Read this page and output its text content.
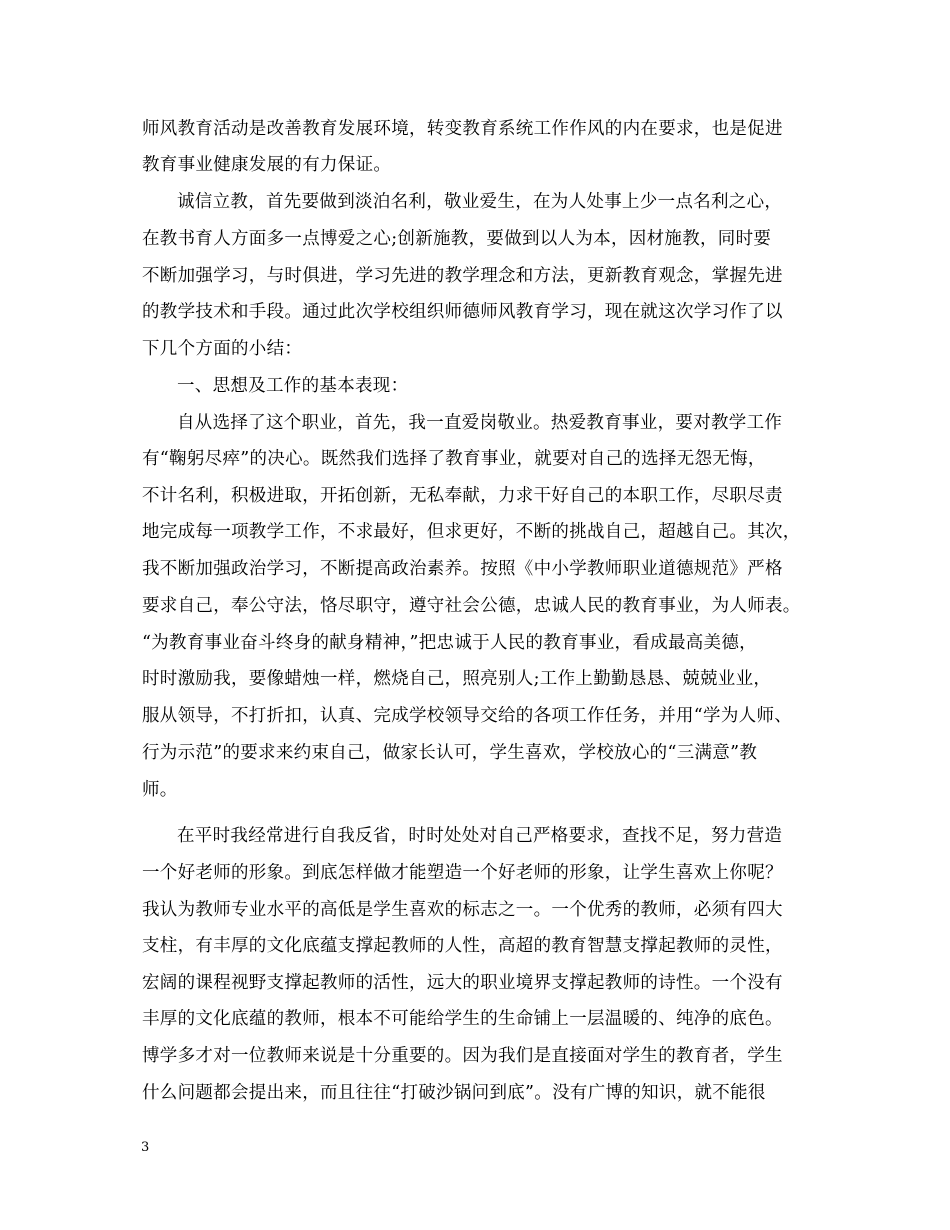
师风教育活动是改善教育发展环境，转变教育系统工作作风的内在要求，也是促进
教育事业健康发展的有力保证。
诚信立教，首先要做到淡泊名利，敬业爱生，在为人处事上少一点名利之心，
在教书育人方面多一点博爱之心;创新施教，要做到以人为本，因材施教，同时要
不断加强学习，与时俱进，学习先进的教学理念和方法，更新教育观念，掌握先进
的教学技术和手段。通过此次学校组织师德师风教育学习，现在就这次学习作了以
下几个方面的小结：
一、思想及工作的基本表现：
自从选择了这个职业，首先，我一直爱岗敬业。热爱教育事业，要对教学工作
有“鞠躬尽瘁”的决心。既然我们选择了教育事业，就要对自己的选择无怨无悔，
不计名利，积极进取，开拓创新，无私奉献，力求干好自己的本职工作，尽职尽责
地完成每一项教学工作，不求最好，但求更好，不断的挑战自己，超越自己。其次，
我不断加强政治学习，不断提高政治素养。按照《中小学教师职业道德规范》严格
要求自己，奉公守法，恪尽职守，遵守社会公德，忠诚人民的教育事业，为人师表。
“为教育事业奋斗终身的献身精神，”把忠诚于人民的教育事业，看成最高美德，
时时激励我，要像蜡烛一样，燃烧自己，照亮别人;工作上勤勤恳恳、兢兢业业，
服从领导，不打折扣，认真、完成学校领导交给的各项工作任务，并用“学为人师、
行为示范”的要求来约束自己，做家长认可，学生喜欢，学校放心的“三满意”教
师。
在平时我经常进行自我反省，时时处处对自己严格要求，查找不足，努力营造
一个好老师的形象。到底怎样做才能塑造一个好老师的形象，让学生喜欢上你呢？
我认为教师专业水平的高低是学生喜欢的标志之一。一个优秀的教师，必须有四大
支柱，有丰厚的文化底蕴支撑起教师的人性，高超的教育智慧支撑起教师的灵性，
宏阔的课程视野支撑起教师的活性，远大的职业境界支撑起教师的诗性。一个没有
丰厚的文化底蕴的教师，根本不可能给学生的生命铺上一层温暖的、纯净的底色。
博学多才对一位教师来说是十分重要的。因为我们是直接面对学生的教育者，学生
什么问题都会提出来，而且往往“打破沙锅问到底”。没有广博的知识，就不能很
3
